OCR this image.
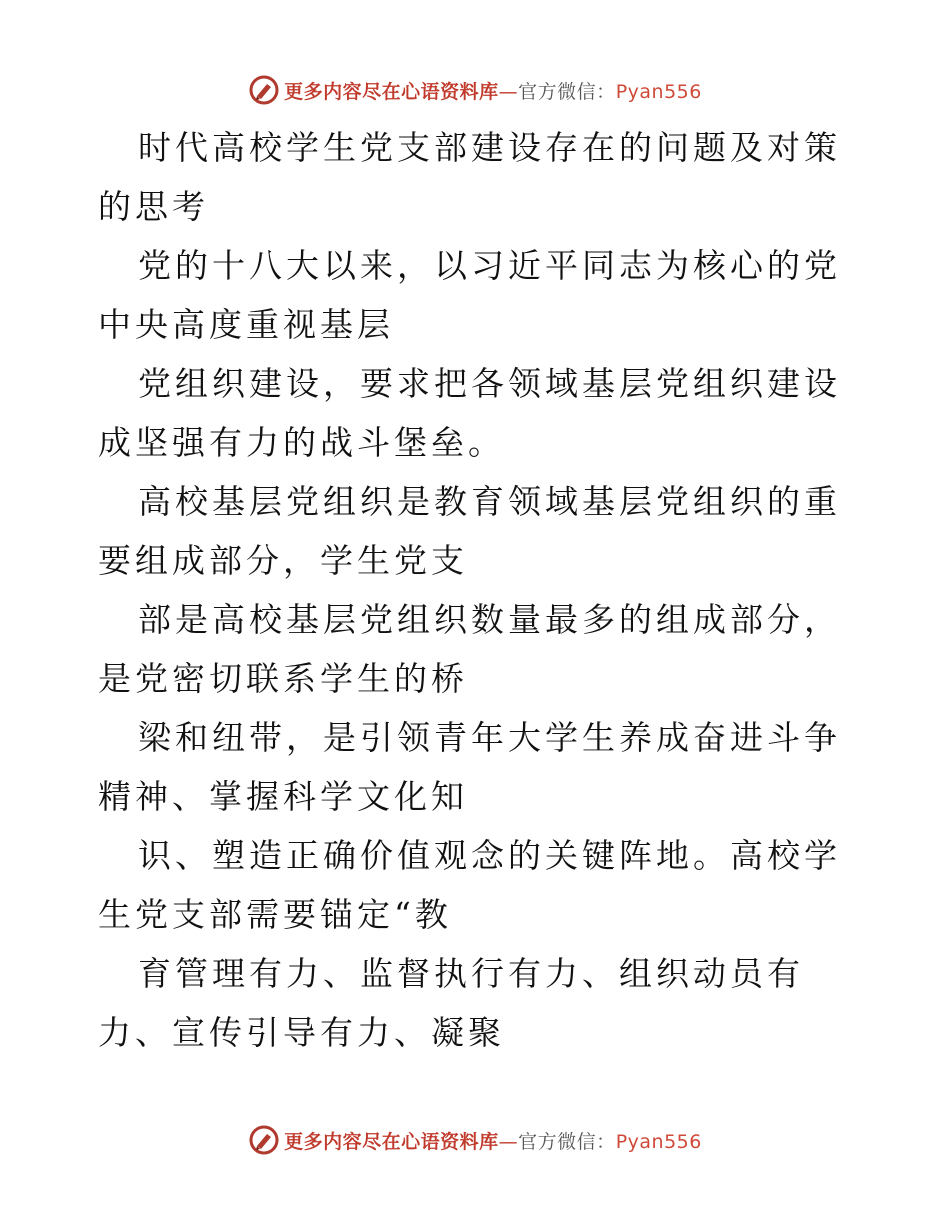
更多内容尽在心语资料库—官方微信：Pyan556

时代高校学生党支部建设存在的问题及对策的思考

党的十八大以来，以习近平同志为核心的党中央高度重视基层

党组织建设，要求把各领域基层党组织建设成坚强有力的战斗堡垒。

高校基层党组织是教育领域基层党组织的重要组成部分，学生党支

部是高校基层党组织数量最多的组成部分，是党密切联系学生的桥

梁和纽带，是引领青年大学生养成奋进斗争精神、掌握科学文化知

识、塑造正确价值观念的关键阵地。高校学生党支部需要锚定“教

育管理有力、监督执行有力、组织动员有力、宣传引导有力、凝聚

更多内容尽在心语资料库—官方微信：Pyan556
